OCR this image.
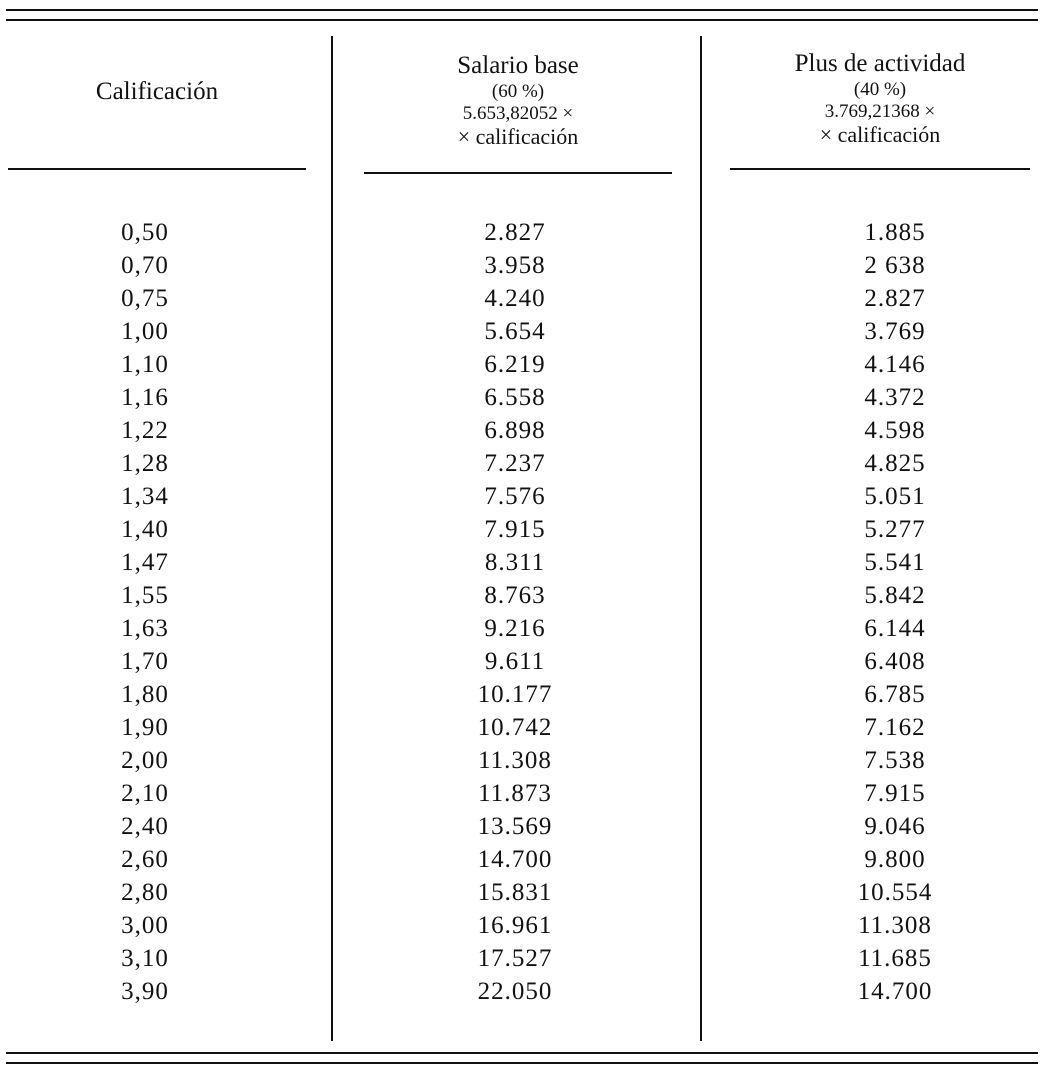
Calificación
Salario base
(60 %)
5.653,82052 ×
× calificación
Plus de actividad
(40 %)
3.769,21368 ×
× calificación
0,50
0,70
0,75
1,00
1,10
1,16
1,22
1,28
1,34
1,40
1,47
1,55
1,63
1,70
1,80
1,90
2,00
2,10
2,40
2,60
2,80
3,00
3,10
3,90
2.827
3.958
4.240
5.654
6.219
6.558
6.898
7.237
7.576
7.915
8.311
8.763
9.216
9.611
10.177
10.742
11.308
11.873
13.569
14.700
15.831
16.961
17.527
22.050
1.885
2 638
2.827
3.769
4.146
4.372
4.598
4.825
5.051
5.277
5.541
5.842
6.144
6.408
6.785
7.162
7.538
7.915
9.046
9.800
10.554
11.308
11.685
14.700
